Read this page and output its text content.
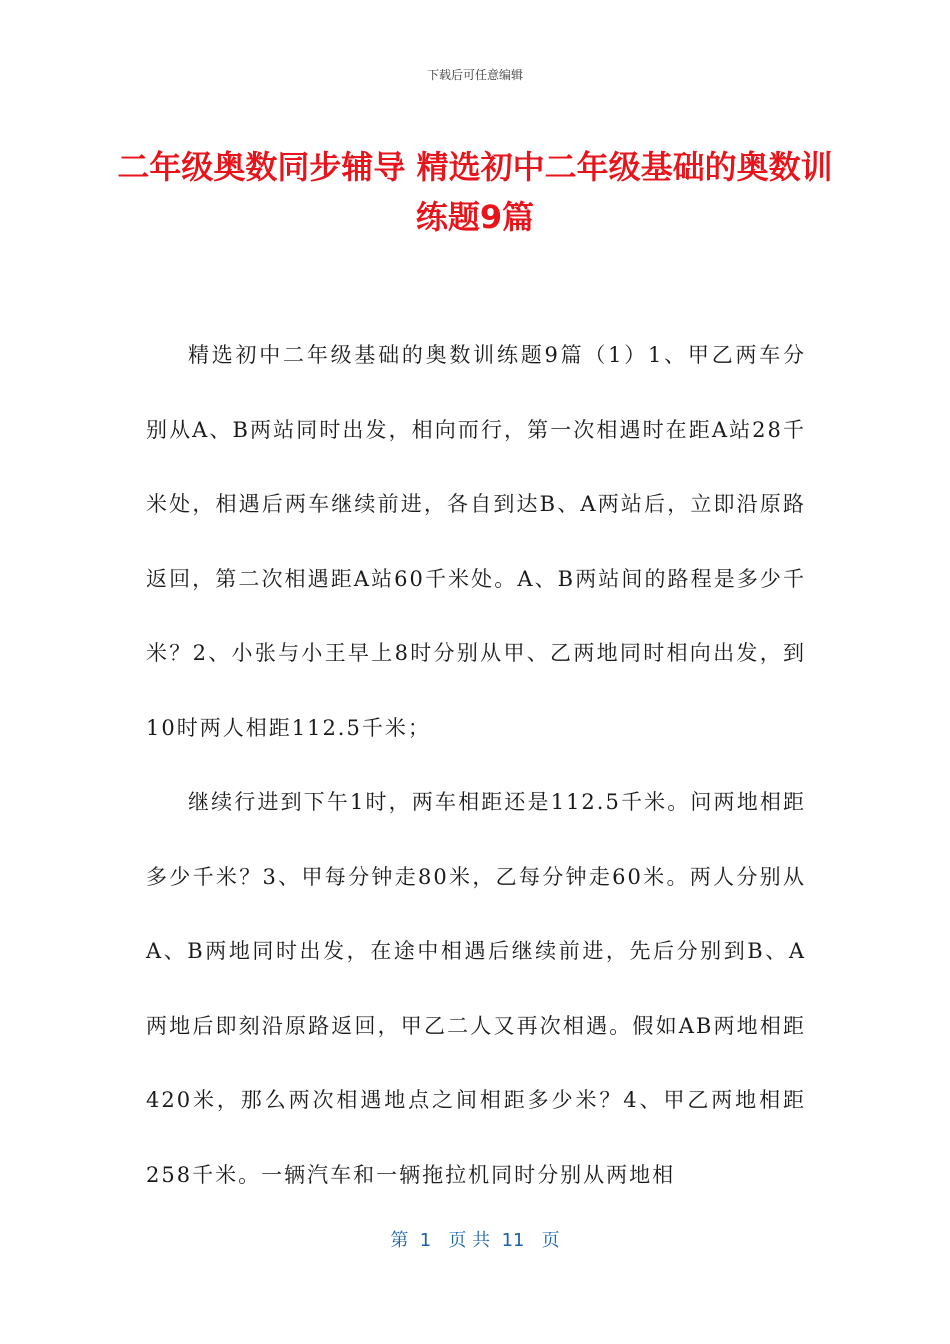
下载后可任意编辑
二年级奥数同步辅导 精选初中二年级基础的奥数训练题9篇

精选初中二年级基础的奥数训练题9篇（1）1、甲乙两车分别从A、B两站同时出发，相向而行，第一次相遇时在距A站28千米处，相遇后两车继续前进，各自到达B、A两站后，立即沿原路返回，第二次相遇距A站60千米处。A、B两站间的路程是多少千米？2、小张与小王早上8时分别从甲、乙两地同时相向出发，到10时两人相距112.5千米；

继续行进到下午1时，两车相距还是112.5千米。问两地相距多少千米？3、甲每分钟走80米，乙每分钟走60米。两人分别从A、B两地同时出发，在途中相遇后继续前进，先后分别到B、A两地后即刻沿原路返回，甲乙二人又再次相遇。假如AB两地相距420米，那么两次相遇地点之间相距多少米？4、甲乙两地相距258千米。一辆汽车和一辆拖拉机同时分别从两地相

第  1   页 共  11   页
